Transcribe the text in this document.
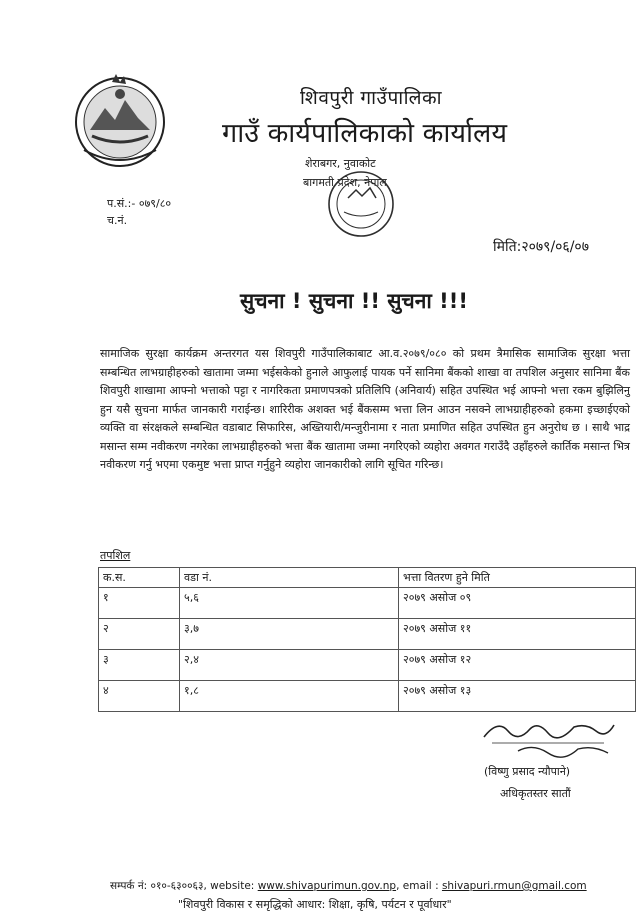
शिवपुरी गाउँपालिका
गाउँ कार्यपालिकाको कार्यालय
शेराबगर, नुवाकोट
बागमती प्रदेश, नेपाल
प.सं.:- ०७९/८०
च.नं.
मिति:२०७९/०६/०७
सुचना ! सुचना !! सुचना !!!
सामाजिक सुरक्षा कार्यक्रम अन्तरगत यस शिवपुरी गाउँपालिकाबाट आ.व.२०७९/०८० को प्रथम त्रैमासिक सामाजिक सुरक्षा भत्ता सम्बन्धित लाभग्राहीहरुको खातामा जम्मा भईसकेको हुनाले आफुलाई पायक पर्ने सानिमा बैंकको शाखा वा तपशिल अनुसार सानिमा बैंक शिवपुरी शाखामा आफ्नो भत्ताको पट्टा र नागरिकता प्रमाणपत्रको प्रतिलिपि (अनिवार्य) सहित उपस्थित भई आफ्नो भत्ता रकम बुझिलिनु हुन यसै सुचना मार्फत जानकारी गराईन्छ। शारिरीक अशक्त भई बैंकसम्म भत्ता लिन आउन नसक्ने लाभग्राहीहरुको हकमा इच्छाईएको व्यक्ति वा संरक्षकले सम्बन्धित वडाबाट सिफारिस, अख्तियारी/मन्जुरीनामा र नाता प्रमाणित सहित उपस्थित हुन अनुरोध छ । साथै भाद्र मसान्त सम्म नवीकरण नगरेका लाभग्राहीहरुको भत्ता बैंक खातामा जम्मा नगरिएको व्यहोरा अवगत गराउँदै उहाँहरुले कार्तिक मसान्त भित्र नवीकरण गर्नु भएमा एकमुष्ट भत्ता प्राप्त गर्नुहुने व्यहोरा जानकारीको लागि सूचित गरिन्छ।
तपशिल
क.स.	वडा नं.	भत्ता वितरण हुने मिति
१	५,६	२०७९ असोज ०९
२	३,७	२०७९ असोज ११
३	२,४	२०७९ असोज १२
४	१,८	२०७९ असोज १३
(विष्णु प्रसाद न्यौपाने)
अधिकृतस्तर सातौं
सम्पर्क नं: ०१०-६३००६३, website: www.shivapurimun.gov.np, email : shivapuri.rmun@gmail.com
"शिवपुरी विकास र समृद्धिको आधार: शिक्षा, कृषि, पर्यटन र पूर्वाधार"
